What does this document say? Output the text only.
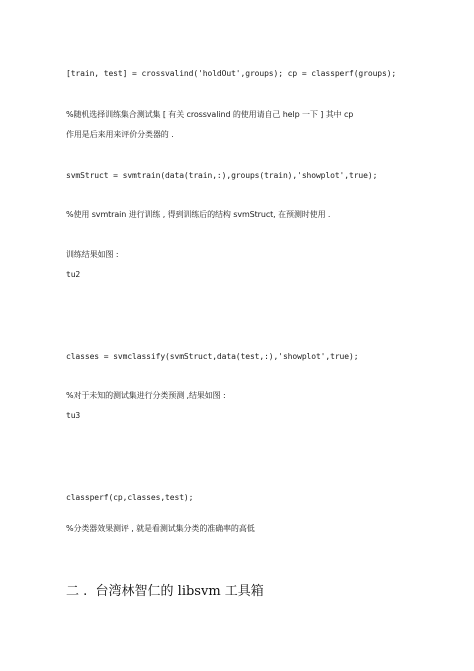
[train, test] = crossvalind('holdOut',groups); cp = classperf(groups);
%随机选择训练集合测试集 [ 有关 crossvalind 的使用请自己 help 一下 ] 其中 cp
作用是后来用来评价分类器的 .
svmStruct = svmtrain(data(train,:),groups(train),'showplot',true);
%使用 svmtrain 进行训练 , 得到训练后的结构 svmStruct, 在预测时使用 .
训练结果如图 :
tu2
classes = svmclassify(svmStruct,data(test,:),'showplot',true);
%对于未知的测试集进行分类预测 ,结果如图 :
tu3
classperf(cp,classes,test);
%分类器效果测评 , 就是看测试集分类的准确率的高低
二 .  台湾林智仁的 libsvm 工具箱
